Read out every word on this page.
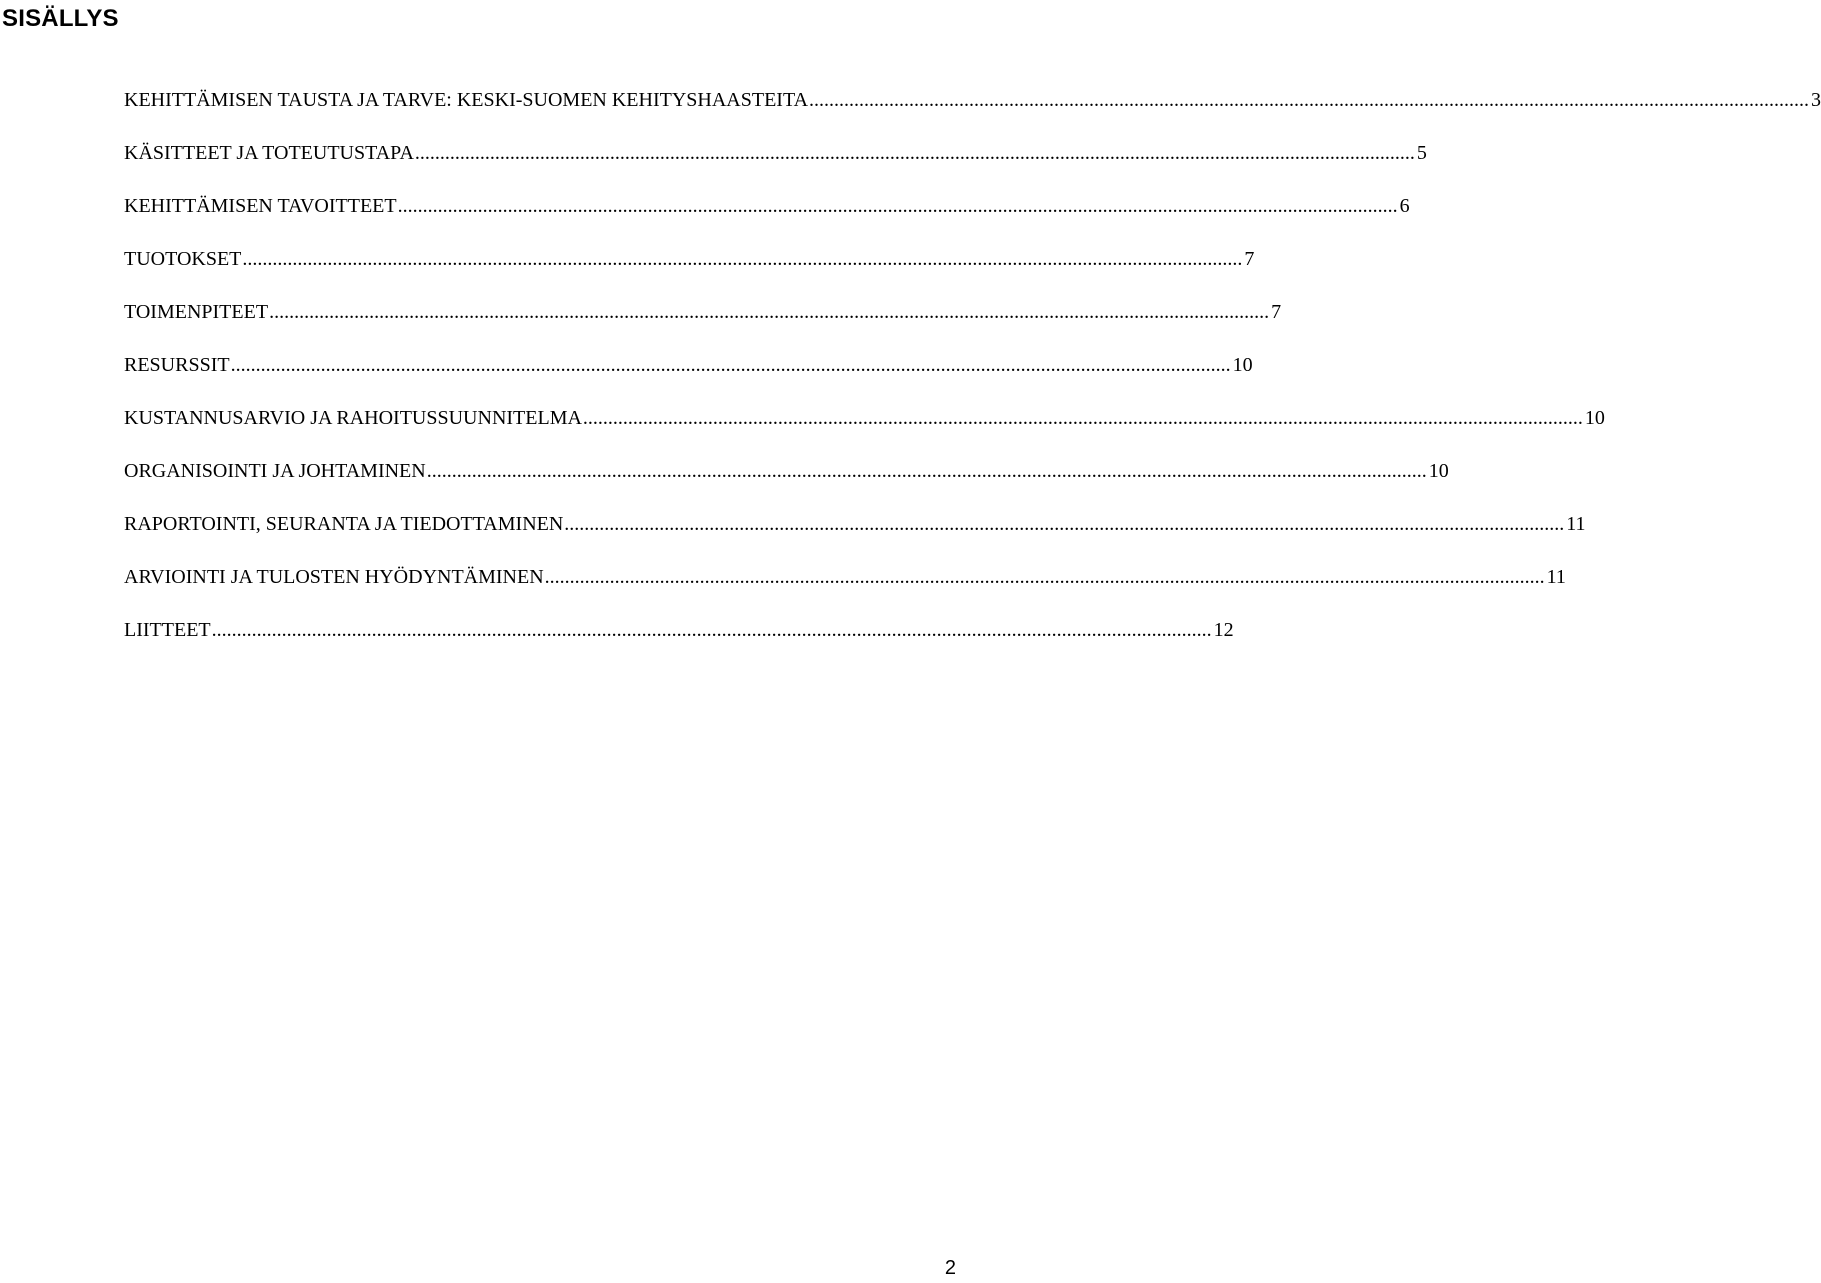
SISÄLLYS
KEHITTÄMISEN TAUSTA JA TARVE: KESKI-SUOMEN KEHITYSHAASTEITA ........................................................................................................................................................................................................ 3
KÄSITTEET JA TOTEUTUSTAPA ........................................................................................................................................................................................................ 5
KEHITTÄMISEN TAVOITTEET ........................................................................................................................................................................................................ 6
TUOTOKSET ........................................................................................................................................................................................................ 7
TOIMENPITEET ........................................................................................................................................................................................................ 7
RESURSSIT ........................................................................................................................................................................................................ 10
KUSTANNUSARVIO JA RAHOITUSSUUNNITELMA ........................................................................................................................................................................................................ 10
ORGANISOINTI JA JOHTAMINEN ........................................................................................................................................................................................................ 10
RAPORTOINTI, SEURANTA JA TIEDOTTAMINEN ........................................................................................................................................................................................................ 11
ARVIOINTI JA TULOSTEN HYÖDYNTÄMINEN ........................................................................................................................................................................................................ 11
LIITTEET ........................................................................................................................................................................................................ 12
2
